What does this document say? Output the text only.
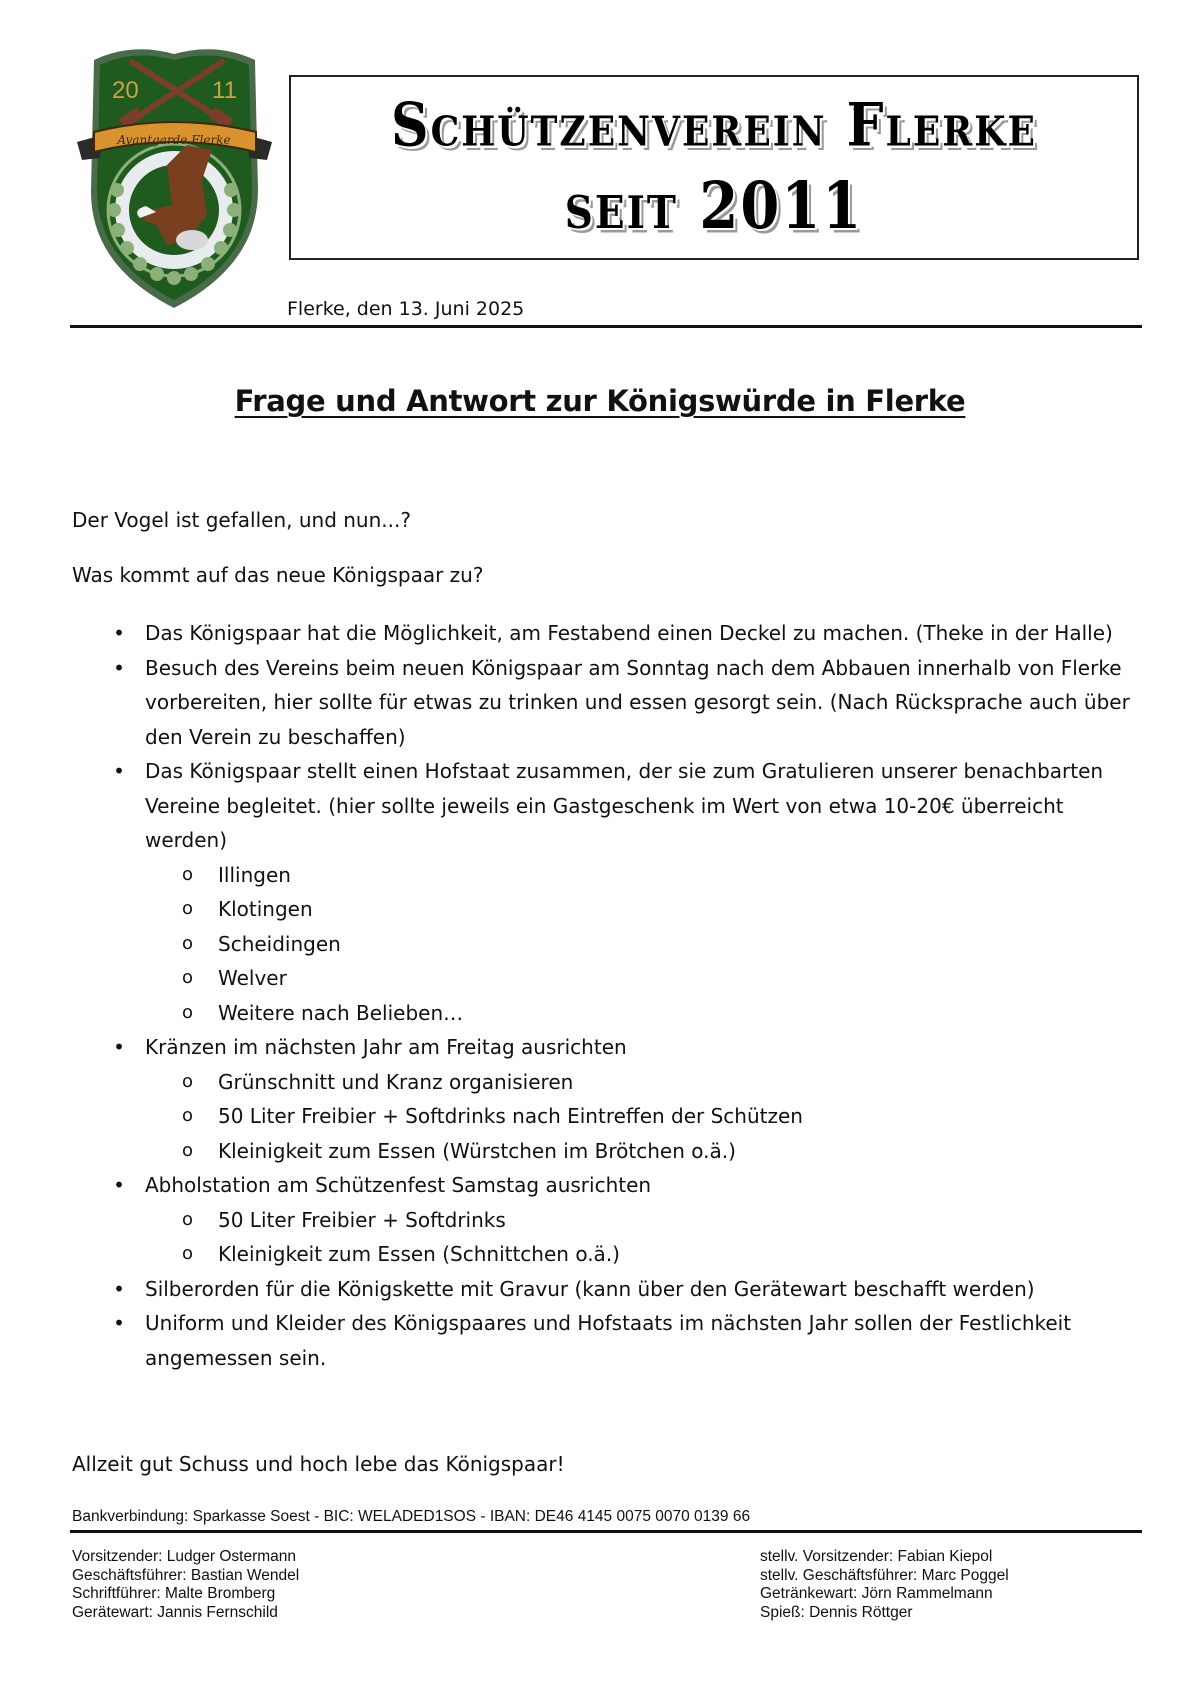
20	11
Avantgarde Flerke	Schützenverein Flerke
seit 2011
Flerke, den 13. Juni 2025
Frage und Antwort zur Königswürde in Flerke
Der Vogel ist gefallen, und nun...?
Was kommt auf das neue Königspaar zu?
• Das Königspaar hat die Möglichkeit, am Festabend einen Deckel zu machen. (Theke in der Halle)
• Besuch des Vereins beim neuen Königspaar am Sonntag nach dem Abbauen innerhalb von Flerke vorbereiten, hier sollte für etwas zu trinken und essen gesorgt sein. (Nach Rücksprache auch über den Verein zu beschaffen)
• Das Königspaar stellt einen Hofstaat zusammen, der sie zum Gratulieren unserer benachbarten Vereine begleitet. (hier sollte jeweils ein Gastgeschenk im Wert von etwa 10-20€ überreicht werden)
o Illingen
o Klotingen
o Scheidingen
o Welver
o Weitere nach Belieben…
• Kränzen im nächsten Jahr am Freitag ausrichten
o Grünschnitt und Kranz organisieren
o 50 Liter Freibier + Softdrinks nach Eintreffen der Schützen
o Kleinigkeit zum Essen (Würstchen im Brötchen o.ä.)
• Abholstation am Schützenfest Samstag ausrichten
o 50 Liter Freibier + Softdrinks
o Kleinigkeit zum Essen (Schnittchen o.ä.)
• Silberorden für die Königskette mit Gravur (kann über den Gerätewart beschafft werden)
• Uniform und Kleider des Königspaares und Hofstaats im nächsten Jahr sollen der Festlichkeit angemessen sein.
Allzeit gut Schuss und hoch lebe das Königspaar!
Bankverbindung: Sparkasse Soest - BIC: WELADED1SOS - IBAN: DE46 4145 0075 0070 0139 66
Vorsitzender: Ludger Ostermann
Geschäftsführer: Bastian Wendel
Schriftführer: Malte Bromberg
Gerätewart: Jannis Fernschild
stellv. Vorsitzender: Fabian Kiepol
stellv. Geschäftsführer: Marc Poggel
Getränkewart: Jörn Rammelmann
Spieß: Dennis Röttger
